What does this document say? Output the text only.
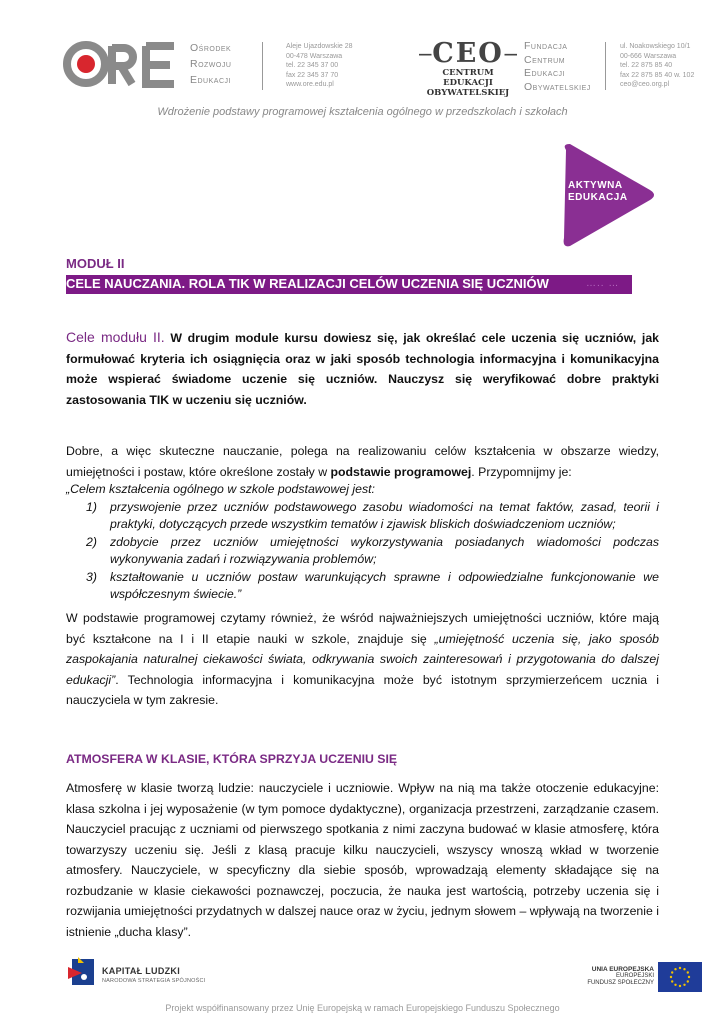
Ośrodek
Rozwoju
Edukacji
Aleje Ujazdowskie 28
00-478 Warszawa
tel. 22 345 37 00
fax 22 345 37 70
www.ore.edu.pl
—CEO—
CENTRUM EDUKACJI
OBYWATELSKIEJ
Fundacja
Centrum
Edukacji
Obywatelskiej
ul. Noakowskiego 10/1
00-666 Warszawa
tel. 22 875 85 40
fax 22 875 85 40 w. 102
ceo@ceo.org.pl
Wdrożenie podstawy programowej kształcenia ogólnego w przedszkolach i szkołach
AKTYWNA
EDUKACJA
MODUŁ II
CELE NAUCZANIA. ROLA TIK W REALIZACJI CELÓW UCZENIA SIĘ UCZNIÓW	….. …
Cele modułu II. W drugim module kursu dowiesz się, jak określać cele uczenia się uczniów, jak formułować kryteria ich osiągnięcia oraz w jaki sposób technologia informacyjna i komunikacyjna może wspierać świadome uczenie się uczniów. Nauczysz się weryfikować dobre praktyki zastosowania TIK w uczeniu się uczniów.
Dobre, a więc skuteczne nauczanie, polega na realizowaniu celów kształcenia w obszarze wiedzy, umiejętności i postaw, które określone zostały w podstawie programowej. Przypomnijmy je:
„Celem kształcenia ogólnego w szkole podstawowej jest:
1) przyswojenie przez uczniów podstawowego zasobu wiadomości na temat faktów, zasad, teorii i praktyki, dotyczących przede wszystkim tematów i zjawisk bliskich doświadczeniom uczniów;
2) zdobycie przez uczniów umiejętności wykorzystywania posiadanych wiadomości podczas wykonywania zadań i rozwiązywania problemów;
3) kształtowanie u uczniów postaw warunkujących sprawne i odpowiedzialne funkcjonowanie we współczesnym świecie.”
W podstawie programowej czytamy również, że wśród najważniejszych umiejętności uczniów, które mają być kształcone na I i II etapie nauki w szkole, znajduje się „umiejętność uczenia się, jako sposób zaspokajania naturalnej ciekawości świata, odkrywania swoich zainteresowań i przygotowania do dalszej edukacji”. Technologia informacyjna i komunikacyjna może być istotnym sprzymierzeńcem ucznia i nauczyciela w tym zakresie.
ATMOSFERA W KLASIE, KTÓRA SPRZYJA UCZENIU SIĘ
Atmosferę w klasie tworzą ludzie: nauczyciele i uczniowie. Wpływ na nią ma także otoczenie edukacyjne: klasa szkolna i jej wyposażenie (w tym pomoce dydaktyczne), organizacja przestrzeni, zarządzanie czasem. Nauczyciel pracując z uczniami od pierwszego spotkania z nimi zaczyna budować w klasie atmosferę, która towarzyszy uczeniu się. Jeśli z klasą pracuje kilku nauczycieli, wszyscy wnoszą wkład w tworzenie atmosfery. Nauczyciele, w specyficzny dla siebie sposób, wprowadzają elementy składające się na rozbudzanie w klasie ciekawości poznawczej, poczucia, że nauka jest wartością, potrzeby uczenia się i rozwijania umiejętności przydatnych w dalszej nauce oraz w życiu, jednym słowem – wpływają na tworzenie i istnienie „ducha klasy”.
KAPITAŁ LUDZKI
NARODOWA STRATEGIA SPÓJNOŚCI
UNIA EUROPEJSKA
EUROPEJSKI
FUNDUSZ SPOŁECZNY
Projekt współfinansowany przez Unię Europejską w ramach Europejskiego Funduszu Społecznego
